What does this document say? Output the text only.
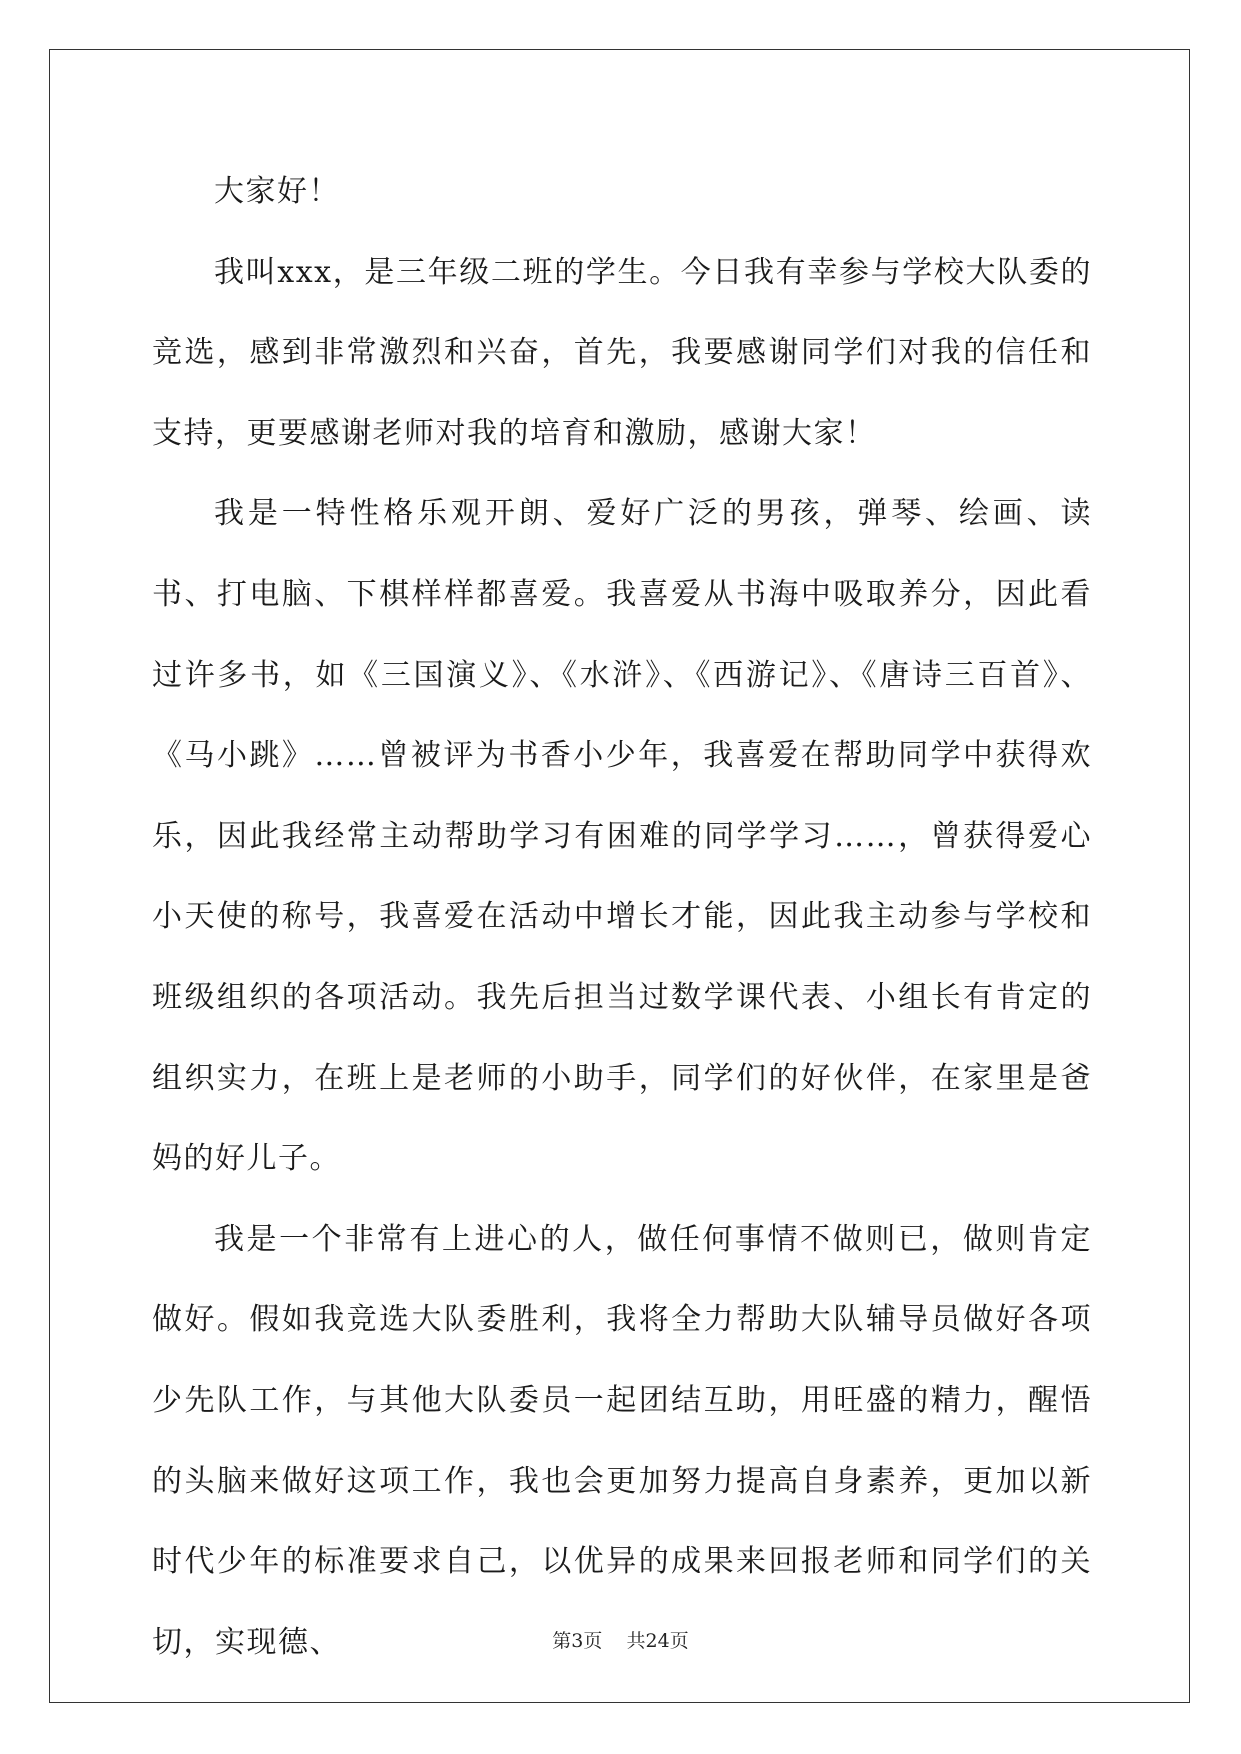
大家好！

我叫xxx，是三年级二班的学生。今日我有幸参与学校大队委的竞选，感到非常激烈和兴奋，首先，我要感谢同学们对我的信任和支持，更要感谢老师对我的培育和激励，感谢大家！

我是一特性格乐观开朗、爱好广泛的男孩，弹琴、绘画、读书、打电脑、下棋样样都喜爱。我喜爱从书海中吸取养分，因此看过许多书，如《三国演义》、《水浒》、《西游记》、《唐诗三百首》、《马小跳》……曾被评为书香小少年，我喜爱在帮助同学中获得欢乐，因此我经常主动帮助学习有困难的同学学习……，曾获得爱心小天使的称号，我喜爱在活动中增长才能，因此我主动参与学校和班级组织的各项活动。我先后担当过数学课代表、小组长有肯定的组织实力，在班上是老师的小助手，同学们的好伙伴，在家里是爸妈的好儿子。

我是一个非常有上进心的人，做任何事情不做则已，做则肯定做好。假如我竞选大队委胜利，我将全力帮助大队辅导员做好各项少先队工作，与其他大队委员一起团结互助，用旺盛的精力，醒悟的头脑来做好这项工作，我也会更加努力提高自身素养，更加以新时代少年的标准要求自己，以优异的成果来回报老师和同学们的关切，实现德、	第3页 共24页
